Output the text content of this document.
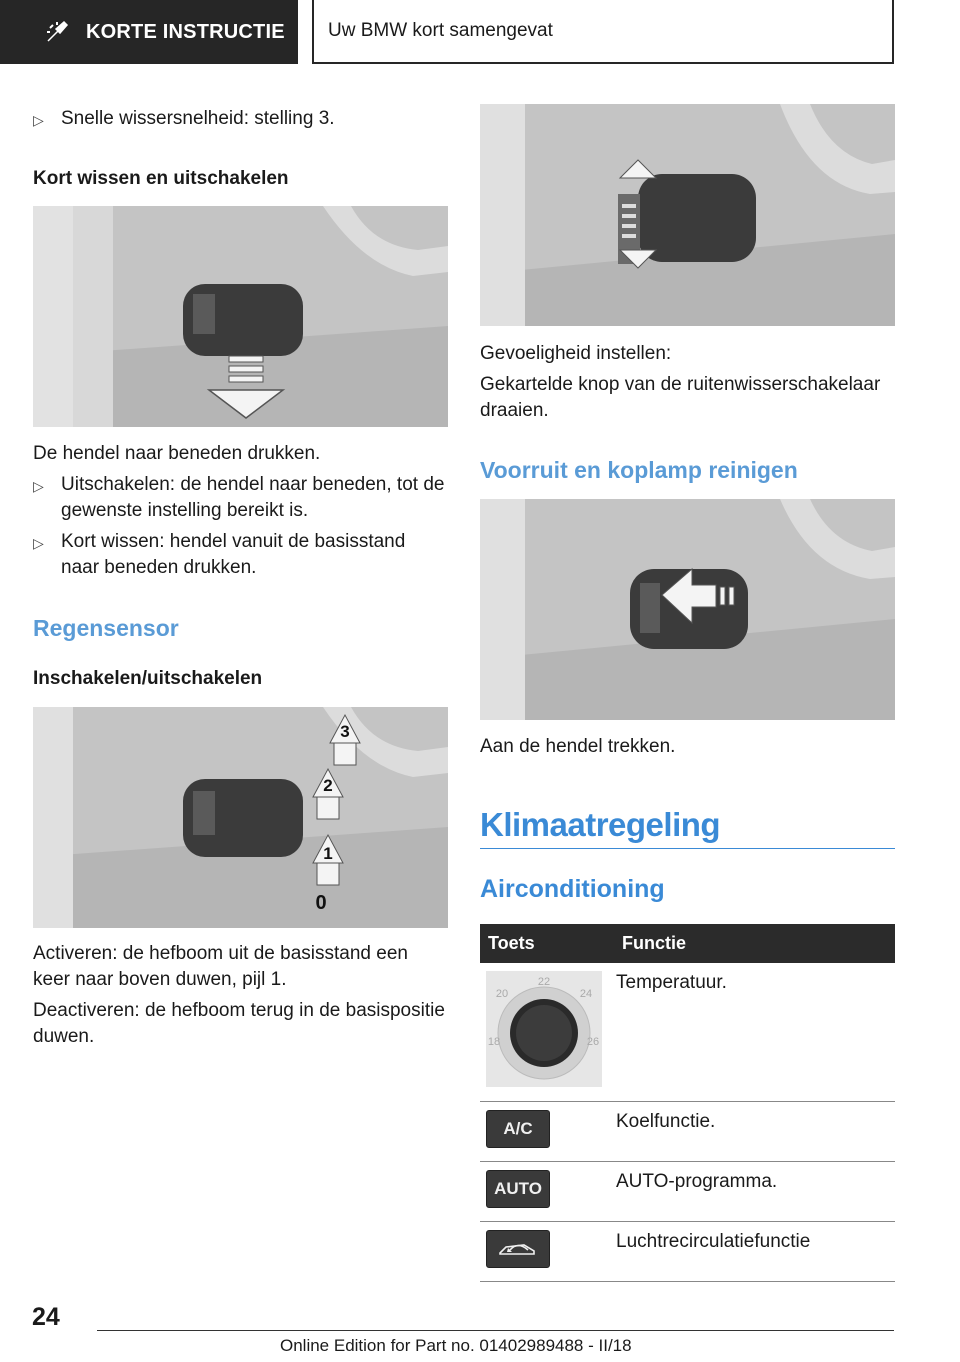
KORTE INSTRUCTIE Uw BMW kort samengevat
▷ Snelle wissersnelheid: stelling 3.
Kort wissen en uitschakelen
De hendel naar beneden drukken.
▷ Uitschakelen: de hendel naar beneden, tot de gewenste instelling bereikt is.
▷ Kort wissen: hendel vanuit de basisstand naar beneden drukken.
Regensensor
Inschakelen/uitschakelen
3
2
1
0
Activeren: de hefboom uit de basisstand een keer naar boven duwen, pijl 1.
Deactiveren: de hefboom terug in de basispositie duwen.
Gevoeligheid instellen:
Gekartelde knop van de ruitenwisserschakelaar draaien.
Voorruit en koplamp reinigen
Aan de hendel trekken.
Klimaatregeling
Airconditioning
Toets	Functie

22
20 24
18 26	Temperatuur.

A/C	Koelfunctie.

AUTO	AUTO-programma.

	Luchtrecirculatiefunctie
24
Online Edition for Part no. 01402989488 - II/18
